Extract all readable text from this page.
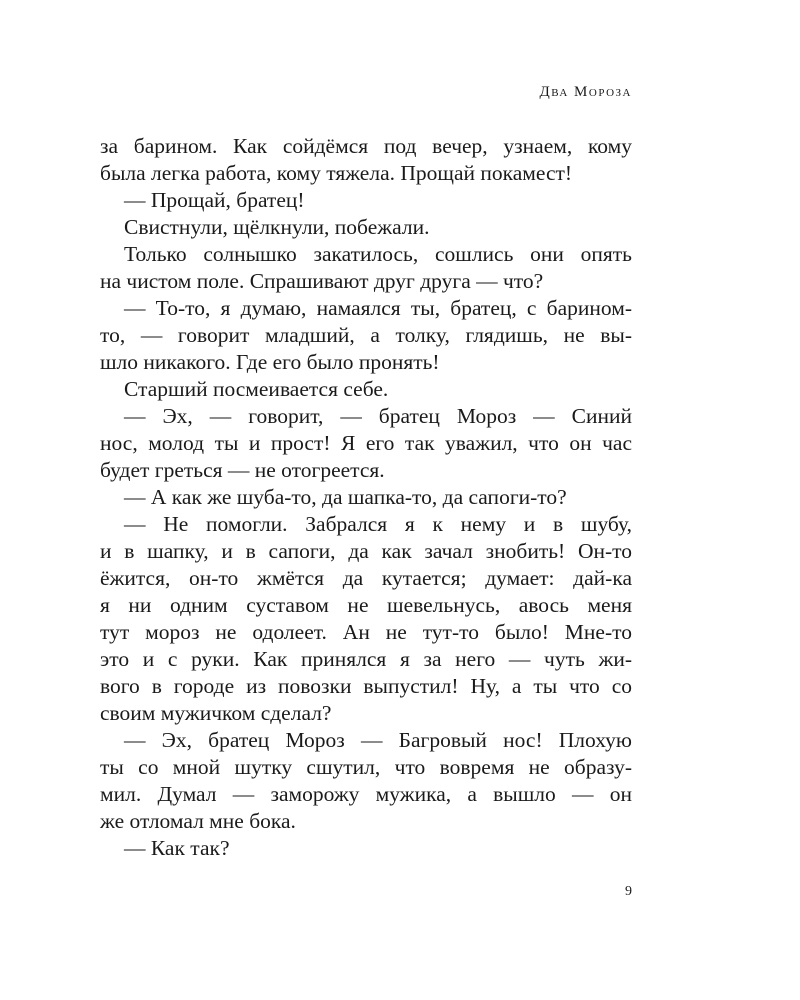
Два Мороза
за барином. Как сойдёмся под вечер, узнаем, кому
была легка работа, кому тяжела. Прощай покамест!
— Прощай, братец!
Свистнули, щёлкнули, побежали.
Только солнышко закатилось, сошлись они опять
на чистом поле. Спрашивают друг друга — что?
— То-то, я думаю, намаялся ты, братец, с барином-
то, — говорит младший, а толку, глядишь, не вы-
шло никакого. Где его было пронять!
Старший посмеивается себе.
— Эх, — говорит, — братец Мороз — Синий
нос, молод ты и прост! Я его так уважил, что он час
будет греться — не отогреется.
— А как же шуба-то, да шапка-то, да сапоги-то?
— Не помогли. Забрался я к нему и в шубу,
и в шапку, и в сапоги, да как зачал знобить! Он-то
ёжится, он-то жмётся да кутается; думает: дай-ка
я ни одним суставом не шевельнусь, авось меня
тут мороз не одолеет. Ан не тут-то было! Мне-то
это и с руки. Как принялся я за него — чуть жи-
вого в городе из повозки выпустил! Ну, а ты что со
своим мужичком сделал?
— Эх, братец Мороз — Багровый нос! Плохую
ты со мной шутку сшутил, что вовремя не образу-
мил. Думал — заморожу мужика, а вышло — он
же отломал мне бока.
— Как так?
9
